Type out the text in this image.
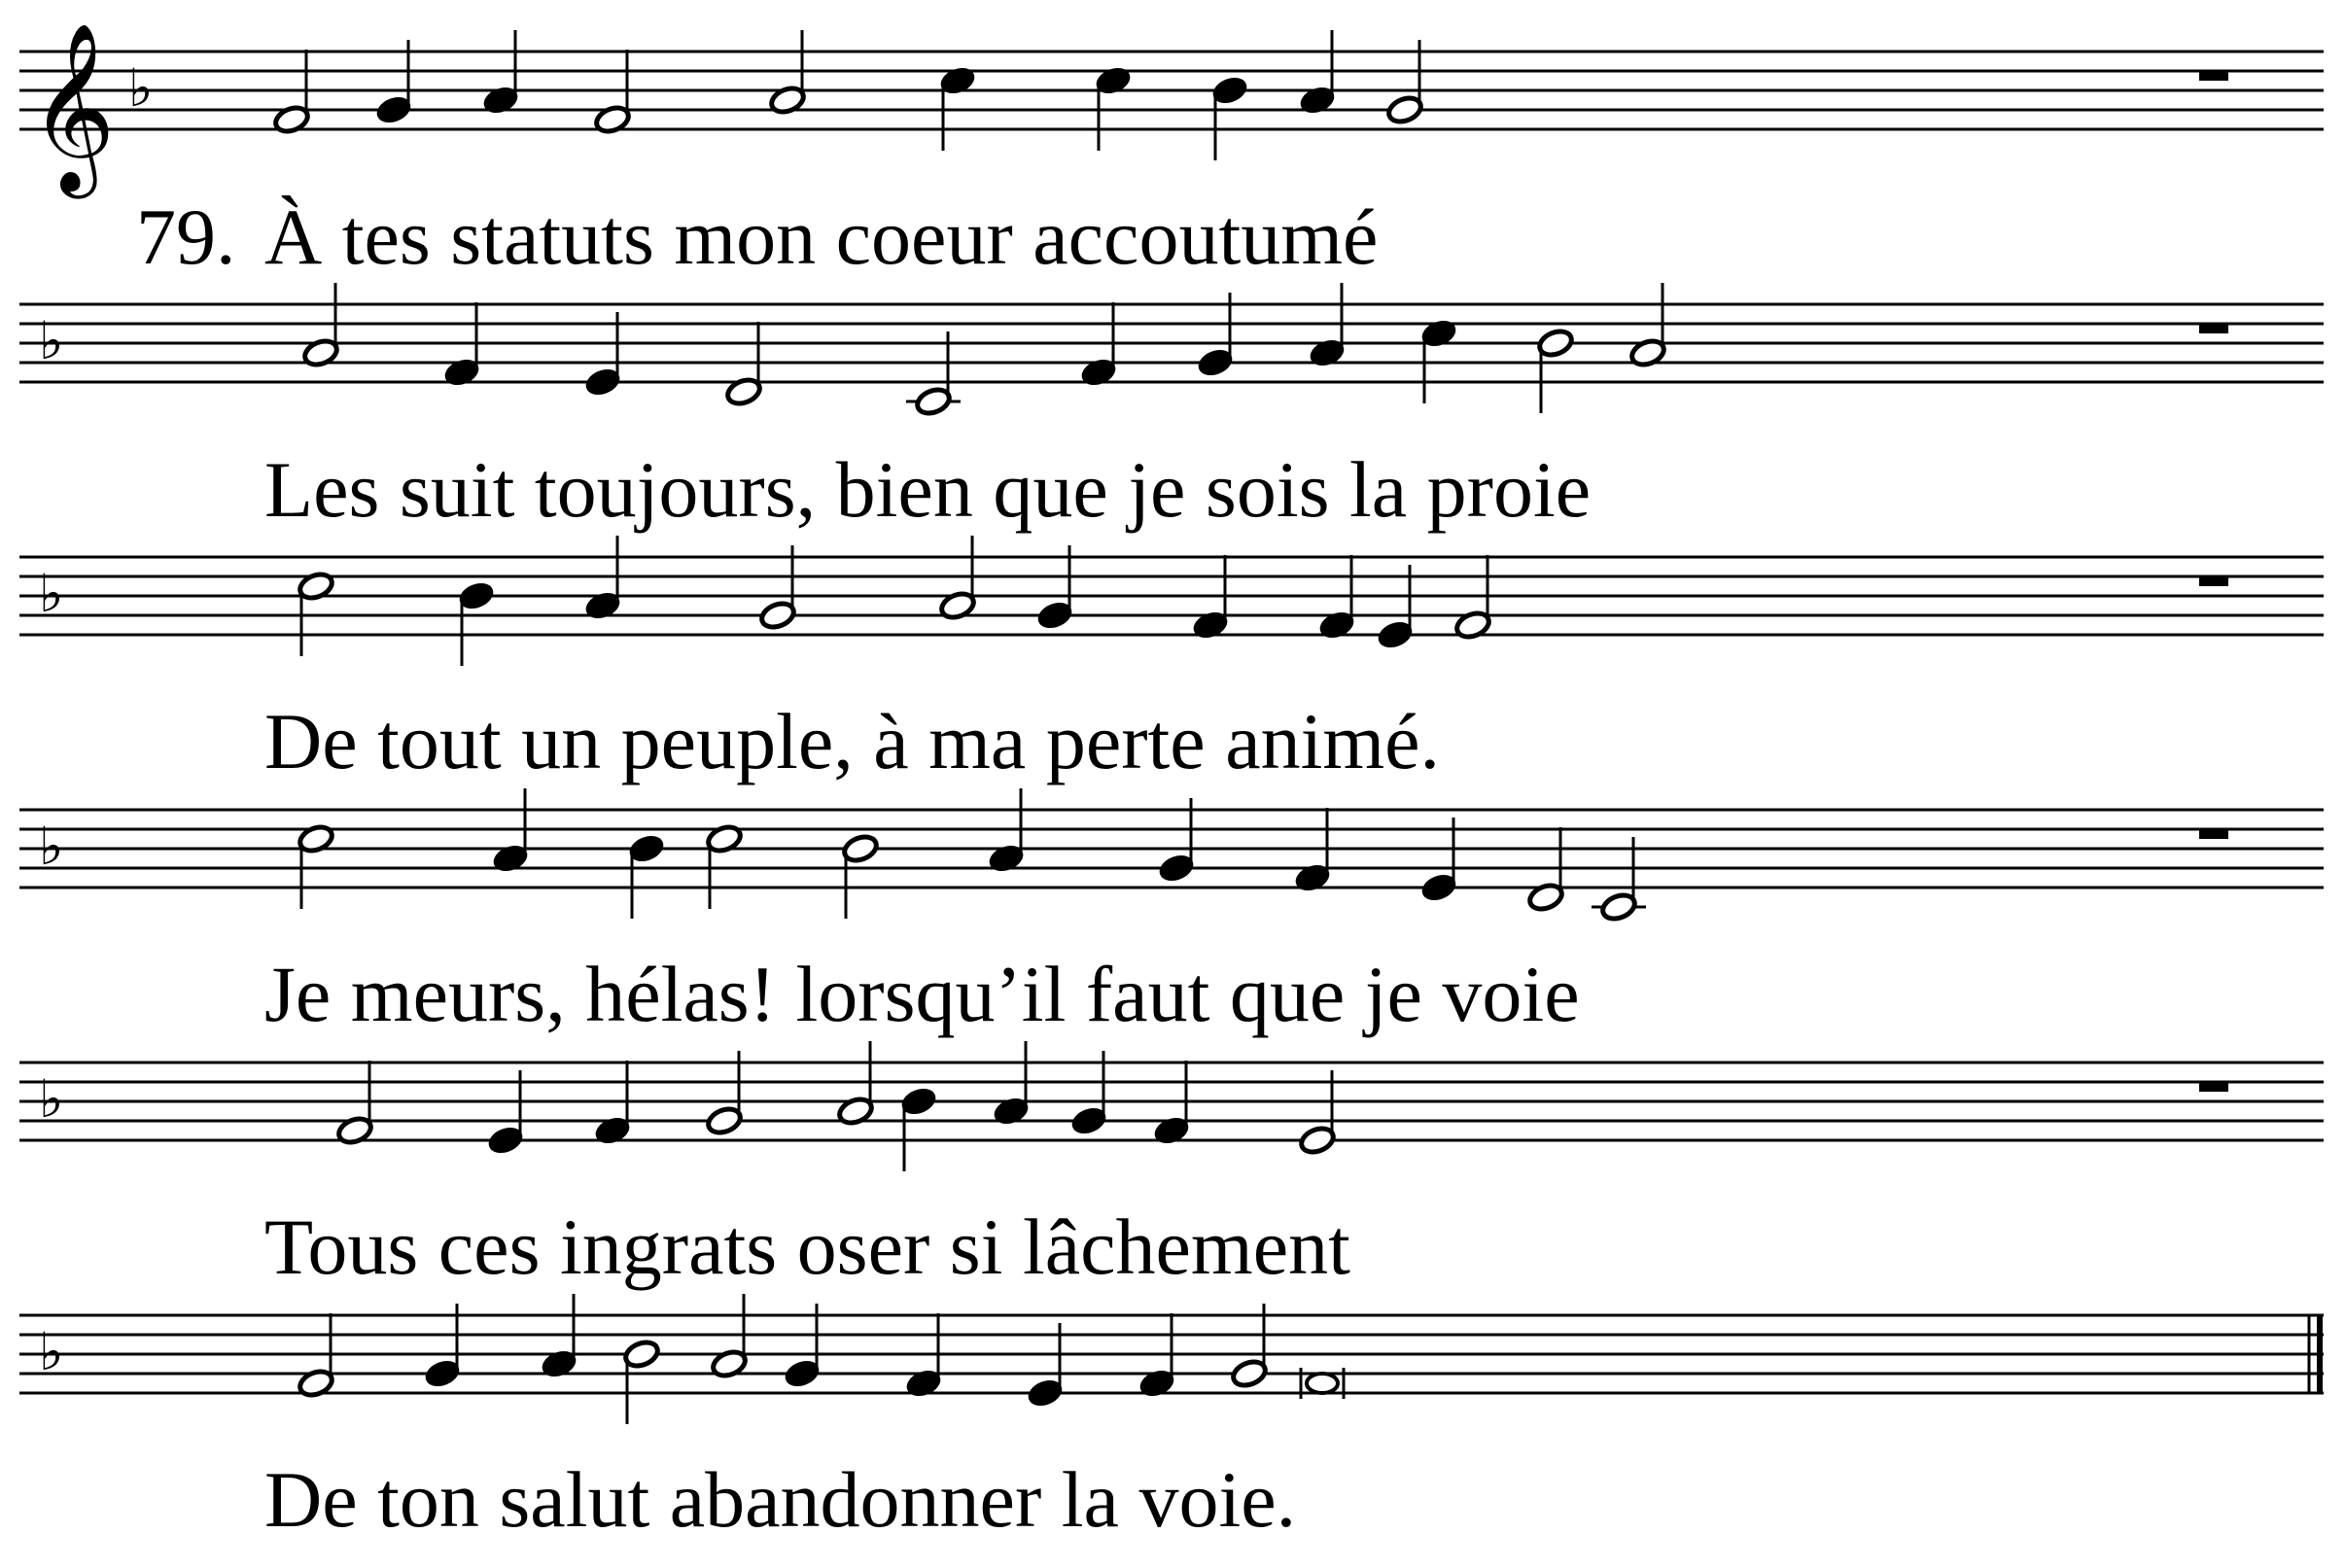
𝄞 ♭
♭
♭
♭
♭
♭
79. À tes statuts mon coeur accoutumé
Les suit toujours, bien que je sois la proie
De tout un peuple, à ma perte animé.
Je meurs, hélas! lorsqu’il faut que je voie
Tous ces ingrats oser si lâchement
De ton salut abandonner la voie.
